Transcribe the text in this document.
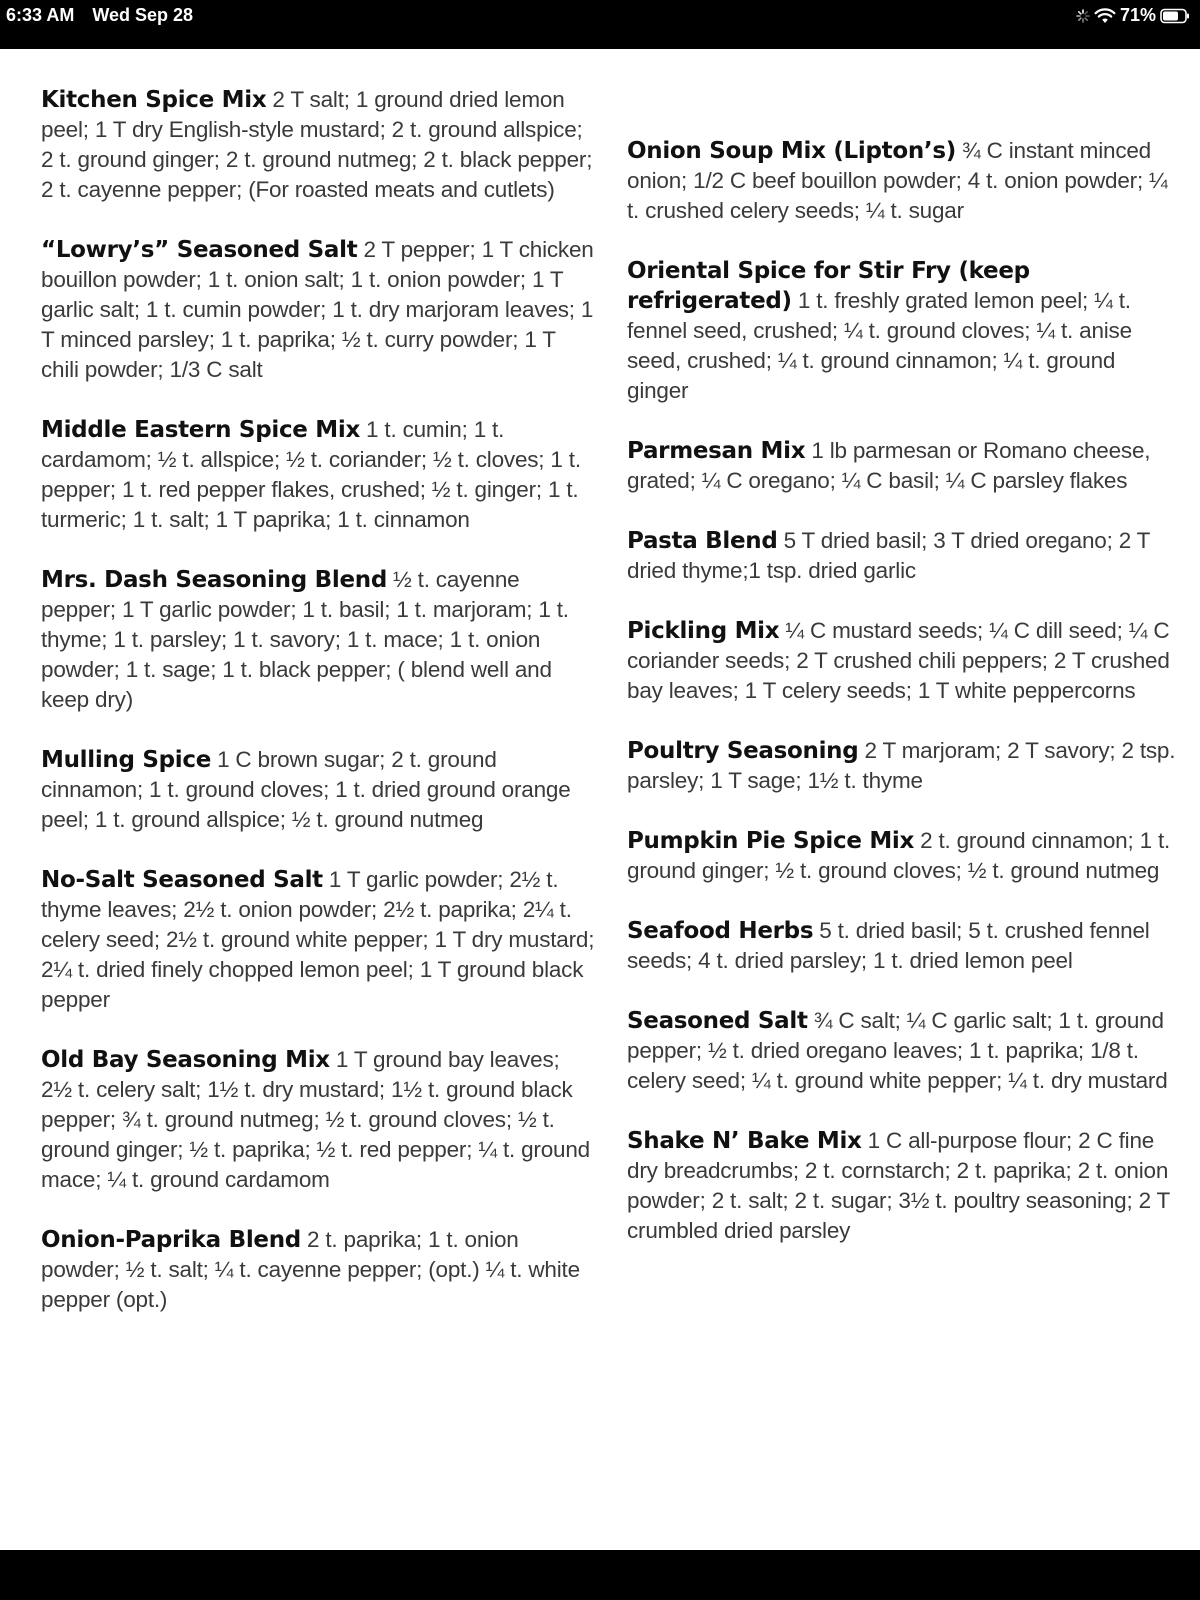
6:33 AM Wed Sep 28	71%
Kitchen Spice Mix 2 T salt; 1 ground dried lemon peel; 1 T dry English-style mustard; 2 t. ground allspice; 2 t. ground ginger; 2 t. ground nutmeg; 2 t. black pepper; 2 t. cayenne pepper; (For roasted meats and cutlets)
“Lowry’s” Seasoned Salt 2 T pepper; 1 T chicken bouillon powder; 1 t. onion salt; 1 t. onion powder; 1 T garlic salt; 1 t. cumin powder; 1 t. dry marjoram leaves; 1 T minced parsley; 1 t. paprika; ½ t. curry powder; 1 T chili powder; 1/3 C salt
Middle Eastern Spice Mix 1 t. cumin; 1 t. cardamom; ½ t. allspice; ½ t. coriander; ½ t. cloves; 1 t. pepper; 1 t. red pepper flakes, crushed; ½ t. ginger; 1 t. turmeric; 1 t. salt; 1 T paprika; 1 t. cinnamon
Mrs. Dash Seasoning Blend ½ t. cayenne pepper; 1 T garlic powder; 1 t. basil; 1 t. marjoram; 1 t. thyme; 1 t. parsley; 1 t. savory; 1 t. mace; 1 t. onion powder; 1 t. sage; 1 t. black pepper; ( blend well and keep dry)
Mulling Spice 1 C brown sugar; 2 t. ground cinnamon; 1 t. ground cloves; 1 t. dried ground orange peel; 1 t. ground allspice; ½ t. ground nutmeg
No-Salt Seasoned Salt 1 T garlic powder; 2½ t. thyme leaves; 2½ t. onion powder; 2½ t. paprika; 2¼ t. celery seed; 2½ t. ground white pepper; 1 T dry mustard; 2¼ t. dried finely chopped lemon peel; 1 T ground black pepper
Old Bay Seasoning Mix 1 T ground bay leaves; 2½ t. celery salt; 1½ t. dry mustard; 1½ t. ground black pepper; ¾ t. ground nutmeg; ½ t. ground cloves; ½ t. ground ginger; ½ t. paprika; ½ t. red pepper; ¼ t. ground mace; ¼ t. ground cardamom
Onion-Paprika Blend 2 t. paprika; 1 t. onion powder; ½ t. salt; ¼ t. cayenne pepper; (opt.) ¼ t. white pepper (opt.)
Onion Soup Mix (Lipton’s) ¾ C instant minced onion; 1/2 C beef bouillon powder; 4 t. onion powder; ¼ t. crushed celery seeds; ¼ t. sugar
Oriental Spice for Stir Fry (keep refrigerated) 1 t. freshly grated lemon peel; ¼ t. fennel seed, crushed; ¼ t. ground cloves; ¼ t. anise seed, crushed; ¼ t. ground cinnamon; ¼ t. ground ginger
Parmesan Mix 1 lb parmesan or Romano cheese, grated; ¼ C oregano; ¼ C basil; ¼ C parsley flakes
Pasta Blend 5 T dried basil; 3 T dried oregano; 2 T dried thyme;1 tsp. dried garlic
Pickling Mix ¼ C mustard seeds; ¼ C dill seed; ¼ C coriander seeds; 2 T crushed chili peppers; 2 T crushed bay leaves; 1 T celery seeds; 1 T white peppercorns
Poultry Seasoning 2 T marjoram; 2 T savory; 2 tsp. parsley; 1 T sage; 1½ t. thyme
Pumpkin Pie Spice Mix 2 t. ground cinnamon; 1 t. ground ginger; ½ t. ground cloves; ½ t. ground nutmeg
Seafood Herbs 5 t. dried basil; 5 t. crushed fennel seeds; 4 t. dried parsley; 1 t. dried lemon peel
Seasoned Salt ¾ C salt; ¼ C garlic salt; 1 t. ground pepper; ½ t. dried oregano leaves; 1 t. paprika; 1/8 t. celery seed; ¼ t. ground white pepper; ¼ t. dry mustard
Shake N’ Bake Mix 1 C all-purpose flour; 2 C fine dry breadcrumbs; 2 t. cornstarch; 2 t. paprika; 2 t. onion powder; 2 t. salt; 2 t. sugar; 3½ t. poultry seasoning; 2 T crumbled dried parsley
